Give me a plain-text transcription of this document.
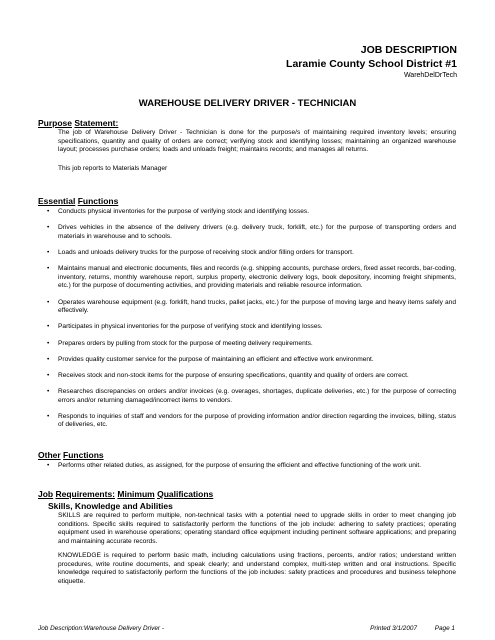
JOB DESCRIPTION
Laramie County School District #1
WarehDelDrTech
WAREHOUSE DELIVERY DRIVER - TECHNICIAN
Purpose Statement:
The job of Warehouse Delivery Driver - Technician is done for the purpose/s of maintaining required inventory levels; ensuring specifications, quantity and quality of orders are correct; verifying stock and identifying losses; maintaining an organized warehouse layout; processes purchase orders; loads and unloads freight; maintains records; and manages all returns.
This job reports to Materials Manager
Essential Functions
• Conducts physical inventories for the purpose of verifying stock and identifying losses.
• Drives vehicles in the absence of the delivery drivers (e.g. delivery truck, forklift, etc.) for the purpose of transporting orders and materials in warehouse and to schools.
• Loads and unloads delivery trucks for the purpose of receiving stock and/or filling orders for transport.
• Maintains manual and electronic documents, files and records (e.g. shipping accounts, purchase orders, fixed asset records, bar-coding, inventory, returns, monthly warehouse report, surplus property, electronic delivery logs, book depository, incoming freight shipments, etc.) for the purpose of documenting activities, and providing materials and reliable resource information.
• Operates warehouse equipment (e.g. forklift, hand trucks, pallet jacks, etc.) for the purpose of moving large and heavy items safely and effectively.
• Participates in physical inventories for the purpose of verifying stock and identifying losses.
• Prepares orders by pulling from stock for the purpose of meeting delivery requirements.
• Provides quality customer service for the purpose of maintaining an efficient and effective work environment.
• Receives stock and non-stock items for the purpose of ensuring specifications, quantity and quality of orders are correct.
• Researches discrepancies on orders and/or invoices (e.g. overages, shortages, duplicate deliveries, etc.) for the purpose of correcting errors and/or returning damaged/incorrect items to vendors.
• Responds to inquiries of staff and vendors for the purpose of providing information and/or direction regarding the invoices, billing, status of deliveries, etc.
Other Functions
• Performs other related duties, as assigned, for the purpose of ensuring the efficient and effective functioning of the work unit.
Job Requirements: Minimum Qualifications
Skills, Knowledge and Abilities
SKILLS are required to perform multiple, non-technical tasks with a potential need to upgrade skills in order to meet changing job conditions. Specific skills required to satisfactorily perform the functions of the job include: adhering to safety practices; operating equipment used in warehouse operations; operating standard office equipment including pertinent software applications; and preparing and maintaining accurate records.
KNOWLEDGE is required to perform basic math, including calculations using fractions, percents, and/or ratios; understand written procedures, write routine documents, and speak clearly; and understand complex, multi-step written and oral instructions. Specific knowledge required to satisfactorily perform the functions of the job includes: safety practices and procedures and business telephone etiquette.
Job Description:Warehouse Delivery Driver -	Printed 3/1/2007	Page 1
